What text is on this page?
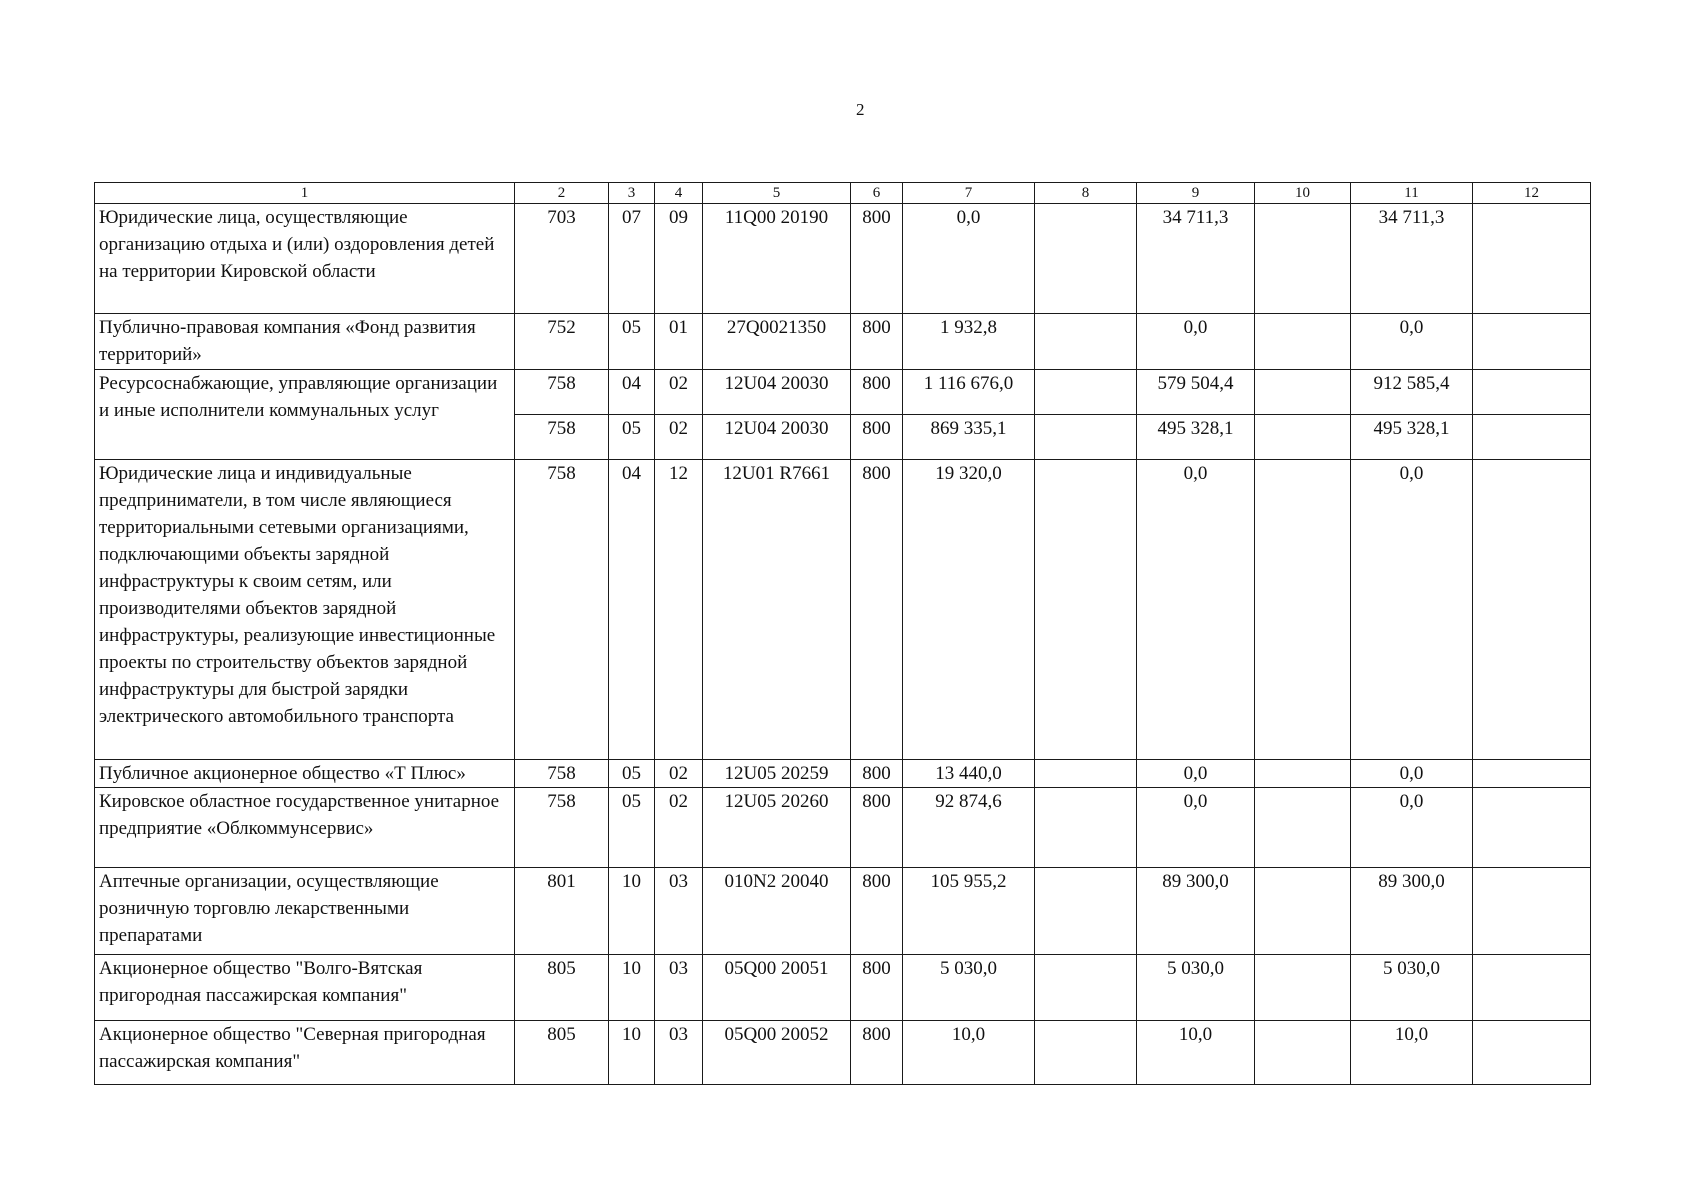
2
1	2	3	4	5	6	7	8	9	10	11	12
Юридические лица, осуществляющие организацию отдыха и (или) оздоровления детей на территории Кировской области	703	07	09	11Q00 20190	800	0,0		34 711,3		34 711,3	
Публично-правовая компания «Фонд развития территорий»	752	05	01	27Q0021350	800	1 932,8		0,0		0,0	
Ресурсоснабжающие, управляющие организации и иные исполнители коммунальных услуг	758	04	02	12U04 20030	800	1 116 676,0		579 504,4		912 585,4	
	758	05	02	12U04 20030	800	869 335,1		495 328,1		495 328,1	
Юридические лица и индивидуальные предприниматели, в том числе являющиеся территориальными сетевыми организациями, подключающими объекты зарядной инфраструктуры к своим сетям, или производителями объектов зарядной инфраструктуры, реализующие инвестиционные проекты по строительству объектов зарядной инфраструктуры для быстрой зарядки электрического автомобильного транспорта	758	04	12	12U01 R7661	800	19 320,0		0,0		0,0	
Публичное акционерное общество «Т Плюс»	758	05	02	12U05 20259	800	13 440,0		0,0		0,0	
Кировское областное государственное унитарное предприятие «Облкоммунсервис»	758	05	02	12U05 20260	800	92 874,6		0,0		0,0	
Аптечные организации, осуществляющие розничную торговлю лекарственными препаратами	801	10	03	010N2 20040	800	105 955,2		89 300,0		89 300,0	
Акционерное общество "Волго-Вятская пригородная пассажирская компания"	805	10	03	05Q00 20051	800	5 030,0		5 030,0		5 030,0	
Акционерное общество "Северная пригородная пассажирская компания"	805	10	03	05Q00 20052	800	10,0		10,0		10,0	
